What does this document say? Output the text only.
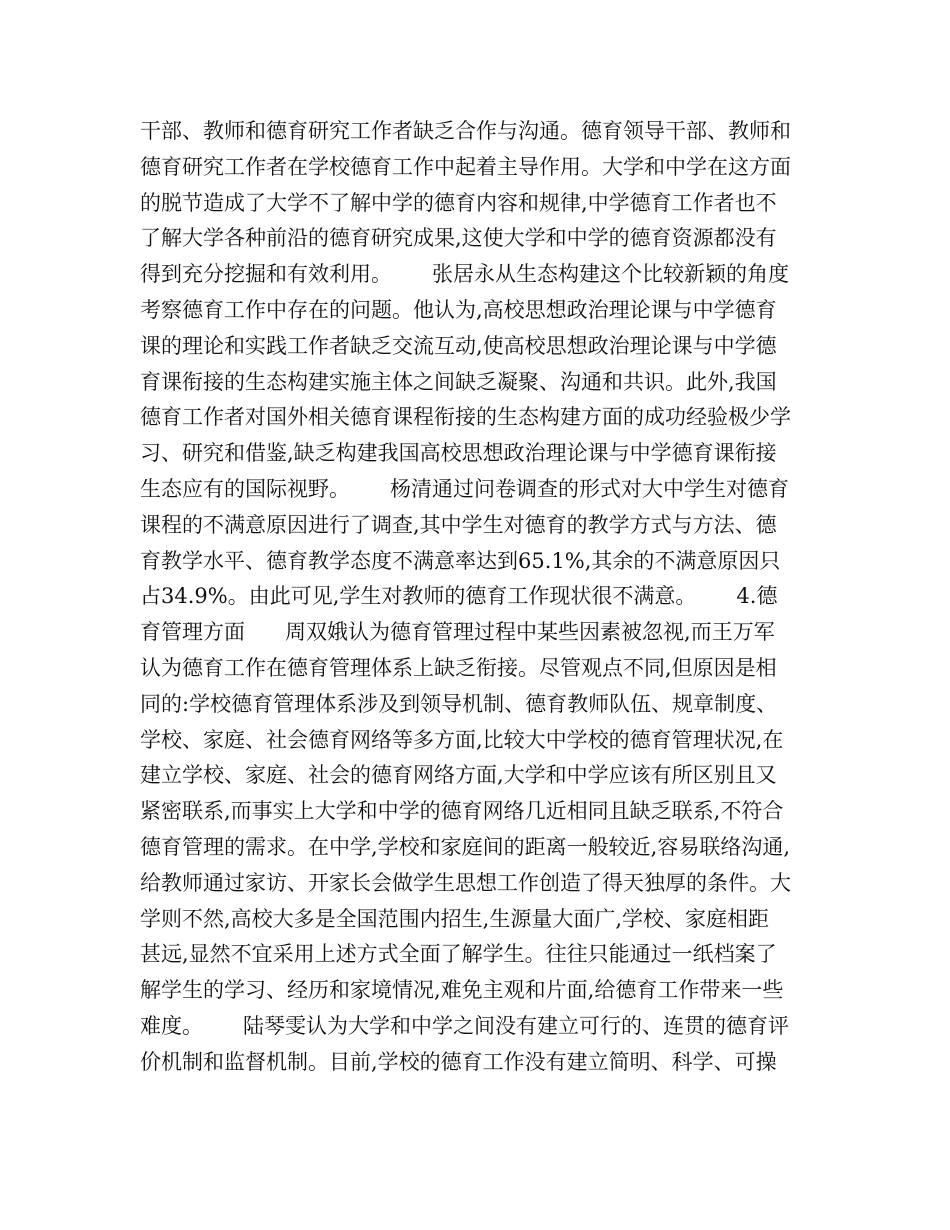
干部、教师和德育研究工作者缺乏合作与沟通。德育领导干部、教师和
德育研究工作者在学校德育工作中起着主导作用。大学和中学在这方面
的脱节造成了大学不了解中学的德育内容和规律,中学德育工作者也不
了解大学各种前沿的德育研究成果,这使大学和中学的德育资源都没有
得到充分挖掘和有效利用。      张居永从生态构建这个比较新颖的角度
考察德育工作中存在的问题。他认为,高校思想政治理论课与中学德育
课的理论和实践工作者缺乏交流互动,使高校思想政治理论课与中学德
育课衔接的生态构建实施主体之间缺乏凝聚、沟通和共识。此外,我国
德育工作者对国外相关德育课程衔接的生态构建方面的成功经验极少学
习、研究和借鉴,缺乏构建我国高校思想政治理论课与中学德育课衔接
生态应有的国际视野。      杨清通过问卷调查的形式对大中学生对德育
课程的不满意原因进行了调查,其中学生对德育的教学方式与方法、德
育教学水平、德育教学态度不满意率达到65.1%,其余的不满意原因只
占34.9%。由此可见,学生对教师的德育工作现状很不满意。      4.德
育管理方面      周双娥认为德育管理过程中某些因素被忽视,而王万军
认为德育工作在德育管理体系上缺乏衔接。尽管观点不同,但原因是相
同的:学校德育管理体系涉及到领导机制、德育教师队伍、规章制度、
学校、家庭、社会德育网络等多方面,比较大中学校的德育管理状况,在
建立学校、家庭、社会的德育网络方面,大学和中学应该有所区别且又
紧密联系,而事实上大学和中学的德育网络几近相同且缺乏联系,不符合
德育管理的需求。在中学,学校和家庭间的距离一般较近,容易联络沟通,
给教师通过家访、开家长会做学生思想工作创造了得天独厚的条件。大
学则不然,高校大多是全国范围内招生,生源量大面广,学校、家庭相距
甚远,显然不宜采用上述方式全面了解学生。往往只能通过一纸档案了
解学生的学习、经历和家境情况,难免主观和片面,给德育工作带来一些
难度。      陆琴雯认为大学和中学之间没有建立可行的、连贯的德育评
价机制和监督机制。目前,学校的德育工作没有建立简明、科学、可操
